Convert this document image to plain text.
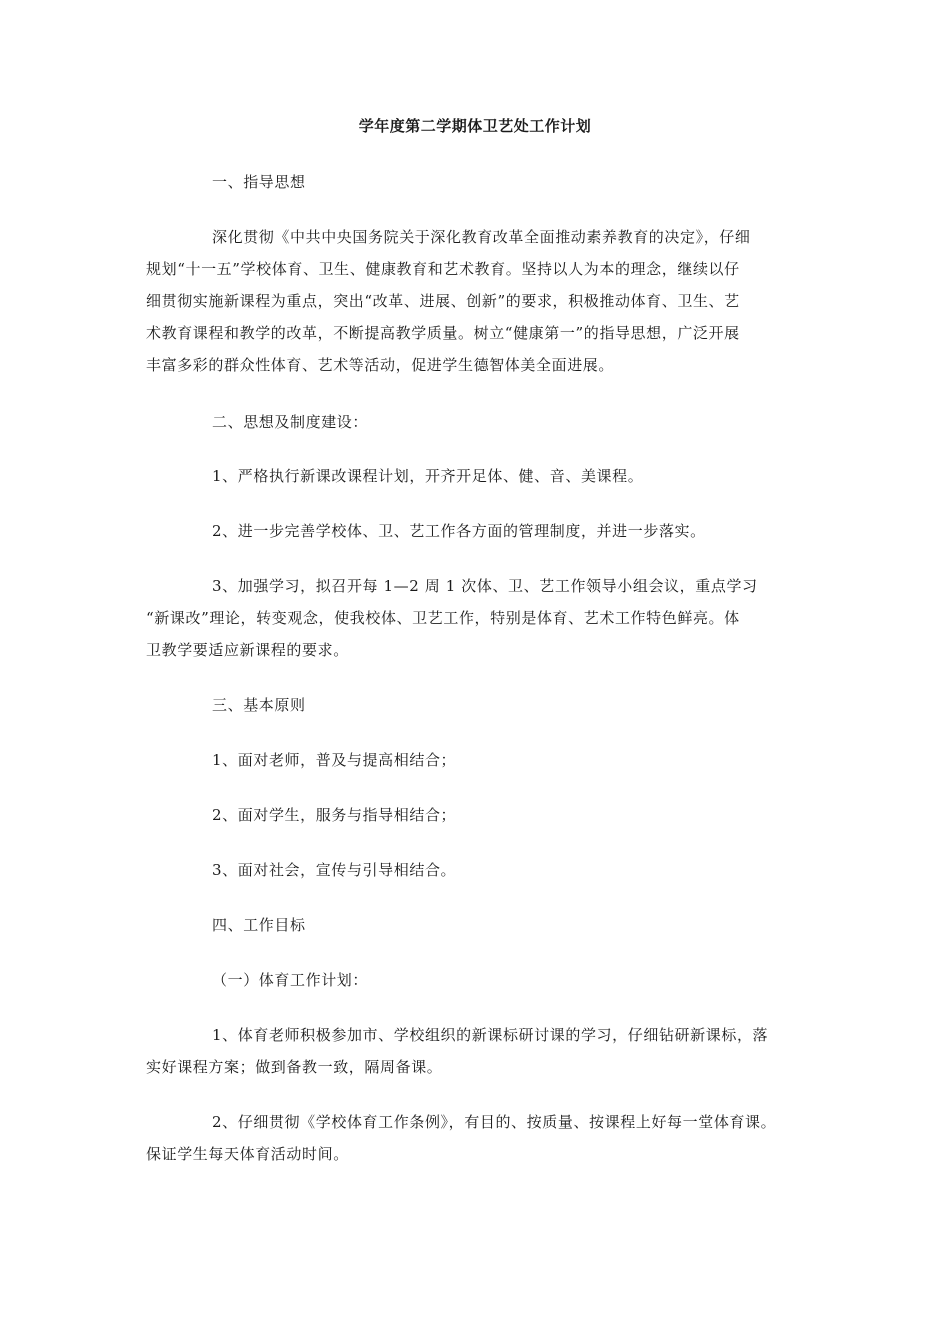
学年度第二学期体卫艺处工作计划
一、指导思想
深化贯彻《中共中央国务院关于深化教育改革全面推动素养教育的决定》，仔细
规划“十一五”学校体育、卫生、健康教育和艺术教育。坚持以人为本的理念，继续以仔
细贯彻实施新课程为重点，突出“改革、进展、创新”的要求，积极推动体育、卫生、艺
术教育课程和教学的改革，不断提高教学质量。树立“健康第一”的指导思想，广泛开展
丰富多彩的群众性体育、艺术等活动，促进学生德智体美全面进展。
二、思想及制度建设：
1、严格执行新课改课程计划，开齐开足体、健、音、美课程。
2、进一步完善学校体、卫、艺工作各方面的管理制度，并进一步落实。
3、加强学习，拟召开每 1—2 周 1 次体、卫、艺工作领导小组会议，重点学习
“新课改”理论，转变观念，使我校体、卫艺工作，特别是体育、艺术工作特色鲜亮。体
卫教学要适应新课程的要求。
三、基本原则
1、面对老师，普及与提高相结合；
2、面对学生，服务与指导相结合；
3、面对社会，宣传与引导相结合。
四、工作目标
（一）体育工作计划：
1、体育老师积极参加市、学校组织的新课标研讨课的学习，仔细钻研新课标，落
实好课程方案；做到备教一致，隔周备课。
2、仔细贯彻《学校体育工作条例》，有目的、按质量、按课程上好每一堂体育课。
保证学生每天体育活动时间。
